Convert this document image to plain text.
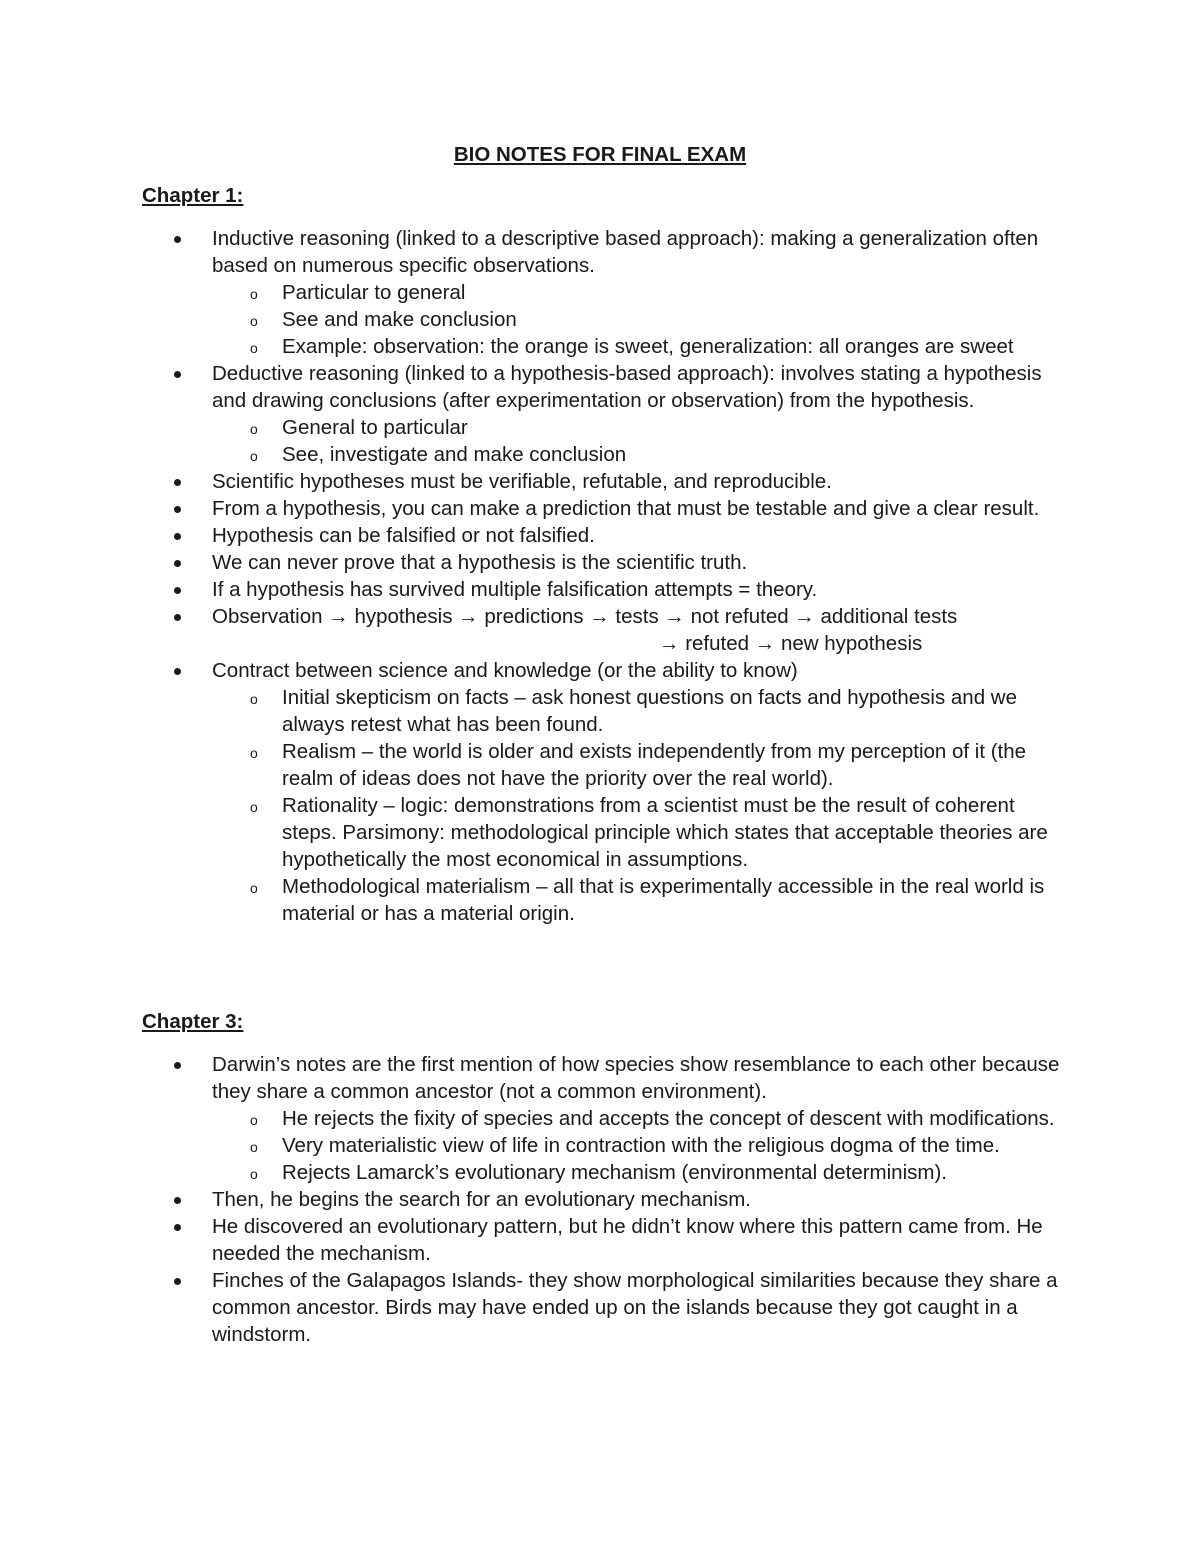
BIO NOTES FOR FINAL EXAM
Chapter 1:
Inductive reasoning (linked to a descriptive based approach): making a generalization often based on numerous specific observations.
o Particular to general
o See and make conclusion
o Example: observation: the orange is sweet, generalization: all oranges are sweet
Deductive reasoning (linked to a hypothesis-based approach): involves stating a hypothesis and drawing conclusions (after experimentation or observation) from the hypothesis.
o General to particular
o See, investigate and make conclusion
Scientific hypotheses must be verifiable, refutable, and reproducible.
From a hypothesis, you can make a prediction that must be testable and give a clear result.
Hypothesis can be falsified or not falsified.
We can never prove that a hypothesis is the scientific truth.
If a hypothesis has survived multiple falsification attempts = theory.
Observation → hypothesis → predictions → tests → not refuted → additional tests
→ refuted → new hypothesis
Contract between science and knowledge (or the ability to know)
o Initial skepticism on facts – ask honest questions on facts and hypothesis and we always retest what has been found.
o Realism – the world is older and exists independently from my perception of it (the realm of ideas does not have the priority over the real world).
o Rationality – logic: demonstrations from a scientist must be the result of coherent steps. Parsimony: methodological principle which states that acceptable theories are hypothetically the most economical in assumptions.
o Methodological materialism – all that is experimentally accessible in the real world is material or has a material origin.
Chapter 3:
Darwin’s notes are the first mention of how species show resemblance to each other because they share a common ancestor (not a common environment).
o He rejects the fixity of species and accepts the concept of descent with modifications.
o Very materialistic view of life in contraction with the religious dogma of the time.
o Rejects Lamarck’s evolutionary mechanism (environmental determinism).
Then, he begins the search for an evolutionary mechanism.
He discovered an evolutionary pattern, but he didn’t know where this pattern came from. He needed the mechanism.
Finches of the Galapagos Islands- they show morphological similarities because they share a common ancestor. Birds may have ended up on the islands because they got caught in a windstorm.
